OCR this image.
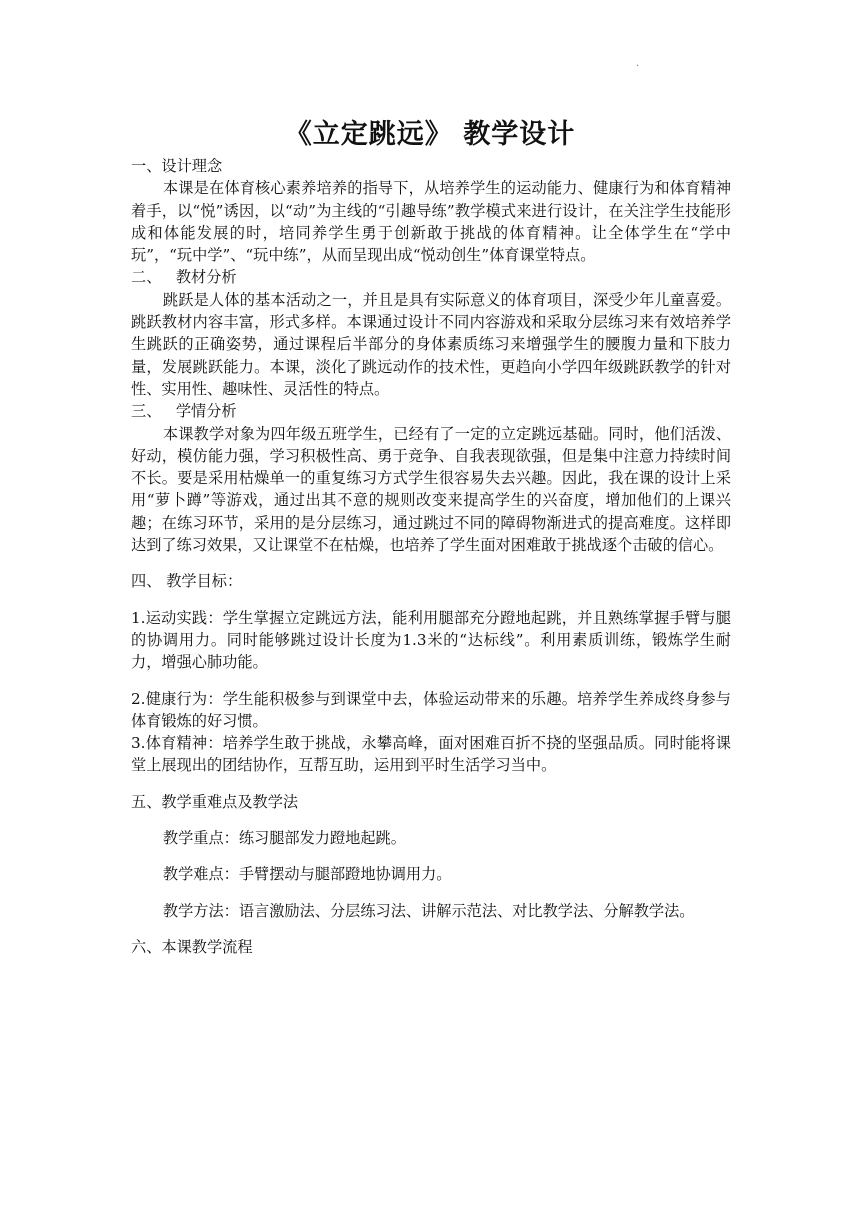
.
《立定跳远》 教学设计

一、设计理念

本课是在体育核心素养培养的指导下，从培养学生的运动能力、健康行为和体育精神着手，以“悦”诱因，以“动”为主线的“引趣导练”教学模式来进行设计，在关注学生技能形成和体能发展的时，培同养学生勇于创新敢于挑战的体育精神。让全体学生在“学中玩”，“玩中学”、“玩中练”，从而呈现出成“悦动创生”体育课堂特点。

二、   教材分析

跳跃是人体的基本活动之一，并且是具有实际意义的体育项目，深受少年儿童喜爱。跳跃教材内容丰富，形式多样。本课通过设计不同内容游戏和采取分层练习来有效培养学生跳跃的正确姿势，通过课程后半部分的身体素质练习来增强学生的腰腹力量和下肢力量，发展跳跃能力。本课，淡化了跳远动作的技术性，更趋向小学四年级跳跃教学的针对性、实用性、趣味性、灵活性的特点。

三、   学情分析

本课教学对象为四年级五班学生，已经有了一定的立定跳远基础。同时，他们活泼、好动，模仿能力强，学习积极性高、勇于竞争、自我表现欲强，但是集中注意力持续时间不长。要是采用枯燥单一的重复练习方式学生很容易失去兴趣。因此，我在课的设计上采用“萝卜蹲”等游戏，通过出其不意的规则改变来提高学生的兴奋度，增加他们的上课兴趣；在练习环节，采用的是分层练习，通过跳过不同的障碍物渐进式的提高难度。这样即达到了练习效果，又让课堂不在枯燥，也培养了学生面对困难敢于挑战逐个击破的信心。

四、 教学目标：

1.运动实践：学生掌握立定跳远方法，能利用腿部充分蹬地起跳，并且熟练掌握手臂与腿的协调用力。同时能够跳过设计长度为1.3米的“达标线”。利用素质训练，锻炼学生耐力，增强心肺功能。

2.健康行为：学生能积极参与到课堂中去，体验运动带来的乐趣。培养学生养成终身参与体育锻炼的好习惯。

3.体育精神：培养学生敢于挑战，永攀高峰，面对困难百折不挠的坚强品质。同时能将课堂上展现出的团结协作，互帮互助，运用到平时生活学习当中。

五、教学重难点及教学法

教学重点：练习腿部发力蹬地起跳。

教学难点：手臂摆动与腿部蹬地协调用力。

教学方法：语言激励法、分层练习法、讲解示范法、对比教学法、分解教学法。

六、本课教学流程
